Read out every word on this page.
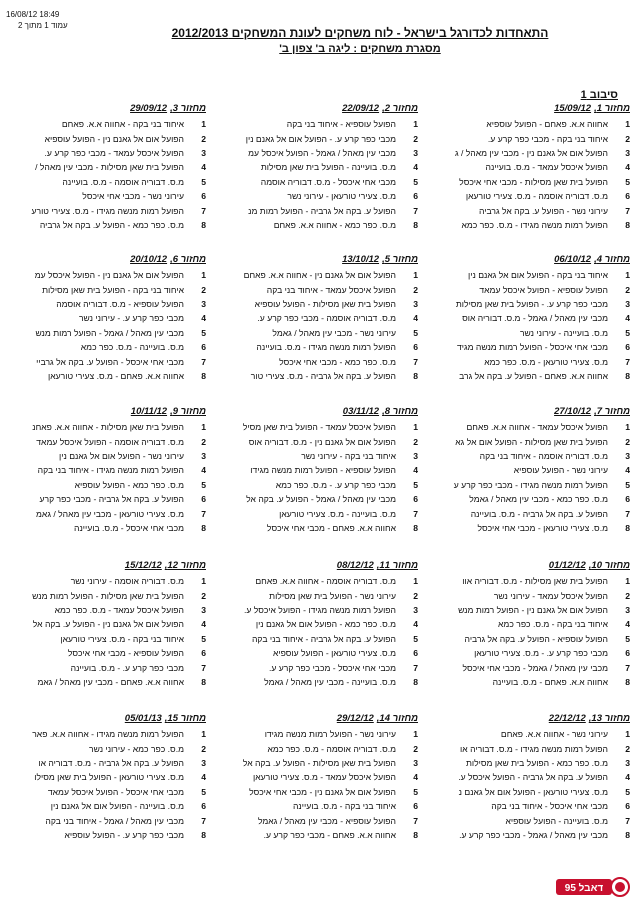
16/08/12 18:49
עמוד 1 מתוך 2
התאחדות לכדורגל בישראל - לוח משחקים לעונת המשחקים 2012/2013
מסגרת משחקים : ליגה ב' צפון ב'
סיבוב 1
מחזור 1,
15/09/12
1
אחווה א.א. פאחם - הפועל עוספיא
2
איחוד בני בקה - מכבי כפר קרע ע.
3
הפועל אום אל גאנם נין - מכבי עין מאהל / ג
4
הפועל איכסל עמאד - מ.ס. בועיינה
5
הפועל בית שאן מסילות - מכבי אחי איכסל
6
מ.ס. דבוריה אוסמה - מ.ס. צעירי טורעאן
7
עירוני נשר - הפועל ע. בקה אל גרביה
8
הפועל רמות מנשה מגידו - מ.ס. כפר כמא
מחזור 2,
22/09/12
1
הפועל עוספיא - איחוד בני בקה
2
מכבי כפר קרע ע. - הפועל אום אל גאנם נין
3
מכבי עין מאהל / גאמל - הפועל איכסל עמ
4
מ.ס. בועיינה - הפועל בית שאן מסילות
5
מכבי אחי איכסל - מ.ס. דבוריה אוסמה
6
מ.ס. צעירי טורעאן - עירוני נשר
7
הפועל ע. בקה אל גרביה - הפועל רמות מנ
8
מ.ס. כפר כמא - אחווה א.א. פאחם
מחזור 3,
29/09/12
1
איחוד בני בקה - אחווה א.א. פאחם
2
הפועל אום אל גאנם נין - הפועל עוספיא
3
הפועל איכסל עמאד - מכבי כפר קרע ע.
4
הפועל בית שאן מסילות - מכבי עין מאהל /
5
מ.ס. דבוריה אוסמה - מ.ס. בועיינה
6
עירוני נשר - מכבי אחי איכסל
7
הפועל רמות מנשה מגידו - מ.ס. צעירי טורע
8
מ.ס. כפר כמא - הפועל ע. בקה אל גרביה
מחזור 4,
06/10/12
1
איחוד בני בקה - הפועל אום אל גאנם נין
2
הפועל עוספיא - הפועל איכסל עמאד
3
מכבי כפר קרע ע. - הפועל בית שאן מסילות
4
מכבי עין מאהל / גאמל - מ.ס. דבוריה אוס
5
מ.ס. בועיינה - עירוני נשר
6
מכבי אחי איכסל - הפועל רמות מנשה מגיד
7
מ.ס. צעירי טורעאן - מ.ס. כפר כמא
8
אחווה א.א. פאחם - הפועל ע. בקה אל גרב
מחזור 5,
13/10/12
1
הפועל אום אל גאנם נין - אחווה א.א. פאחם
2
הפועל איכסל עמאד - איחוד בני בקה
3
הפועל בית שאן מסילות - הפועל עוספיא
4
מ.ס. דבוריה אוסמה - מכבי כפר קרע ע.
5
עירוני נשר - מכבי עין מאהל / גאמל
6
הפועל רמות מנשה מגידו - מ.ס. בועיינה
7
מ.ס. כפר כמא - מכבי אחי איכסל
8
הפועל ע. בקה אל גרביה - מ.ס. צעירי טור
מחזור 6,
20/10/12
1
הפועל אום אל גאנם נין - הפועל איכסל עמ
2
איחוד בני בקה - הפועל בית שאן מסילות
3
הפועל עוספיא - מ.ס. דבוריה אוסמה
4
מכבי כפר קרע ע. - עירוני נשר
5
מכבי עין מאהל / גאמל - הפועל רמות מנש
6
מ.ס. בועיינה - מ.ס. כפר כמא
7
מכבי אחי איכסל - הפועל ע. בקה אל גרביי
8
אחווה א.א. פאחם - מ.ס. צעירי טורעאן
מחזור 7,
27/10/12
1
הפועל איכסל עמאד - אחווה א.א. פאחם
2
הפועל בית שאן מסילות - הפועל אום אל גא
3
מ.ס. דבוריה אוסמה - איחוד בני בקה
4
עירוני נשר - הפועל עוספיא
5
הפועל רמות מנשה מגידו - מכבי כפר קרע ע
6
מ.ס. כפר כמא - מכבי עין מאהל / גאמל
7
הפועל ע. בקה אל גרביה - מ.ס. בועיינה
8
מ.ס. צעירי טורעאן - מכבי אחי איכסל
מחזור 8,
03/11/12
1
הפועל איכסל עמאד - הפועל בית שאן מסיל
2
הפועל אום אל גאנם נין - מ.ס. דבוריה אוס
3
איחוד בני בקה - עירוני נשר
4
הפועל עוספיא - הפועל רמות מנשה מגידו
5
מכבי כפר קרע ע. - מ.ס. כפר כמא
6
מכבי עין מאהל / גאמל - הפועל ע. בקה אל
7
מ.ס. בועיינה - מ.ס. צעירי טורעאן
8
אחווה א.א. פאחם - מכבי אחי איכסל
מחזור 9,
10/11/12
1
הפועל בית שאן מסילות - אחווה א.א. פאחנ
2
מ.ס. דבוריה אוסמה - הפועל איכסל עמאד
3
עירוני נשר - הפועל אום אל גאנם נין
4
הפועל רמות מנשה מגידו - איחוד בני בקה
5
מ.ס. כפר כמא - הפועל עוספיא
6
הפועל ע. בקה אל גרביה - מכבי כפר קרע
7
מ.ס. צעירי טורעאן - מכבי עין מאהל / גאמ
8
מכבי אחי איכסל - מ.ס. בועיינה
מחזור 10,
01/12/12
1
הפועל בית שאן מסילות - מ.ס. דבוריה אוו
2
הפועל איכסל עמאד - עירוני נשר
3
הפועל אום אל גאנם נין - הפועל רמות מנש
4
איחוד בני בקה - מ.ס. כפר כמא
5
הפועל עוספיא - הפועל ע. בקה אל גרביה
6
מכבי כפר קרע ע. - מ.ס. צעירי טורעאן
7
מכבי עין מאהל / גאמל - מכבי אחי איכסל
8
אחווה א.א. פאחם - מ.ס. בועיינה
מחזור 11,
08/12/12
1
מ.ס. דבוריה אוסמה - אחווה א.א. פאחם
2
עירוני נשר - הפועל בית שאן מסילות
3
הפועל רמות מנשה מגידו - הפועל איכסל ע.
4
מ.ס. כפר כמא - הפועל אום אל גאנם נין
5
הפועל ע. בקה אל גרביה - איחוד בני בקה
6
מ.ס. צעירי טורעאן - הפועל עוספיא
7
מכבי אחי איכסל - מכבי כפר קרע ע.
8
מ.ס. בועיינה - מכבי עין מאהל / גאמל
מחזור 12,
15/12/12
1
מ.ס. דבוריה אוסמה - עירוני נשר
2
הפועל בית שאן מסילות - הפועל רמות מנש
3
הפועל איכסל עמאד - מ.ס. כפר כמא
4
הפועל אום אל גאנם נין - הפועל ע. בקה אל
5
איחוד בני בקה - מ.ס. צעירי טורעאן
6
הפועל עוספיא - מכבי אחי איכסל
7
מכבי כפר קרע ע. - מ.ס. בועיינה
8
אחווה א.א. פאחם - מכבי עין מאהל / גאמ
מחזור 13,
22/12/12
1
עירוני נשר - אחווה א.א. פאחם
2
הפועל רמות מנשה מגידו - מ.ס. דבוריה או
3
מ.ס. כפר כמא - הפועל בית שאן מסילות
4
הפועל ע. בקה אל גרביה - הפועל איכסל ע.
5
מ.ס. צעירי טורעאן - הפועל אום אל גאנם נ
6
מכבי אחי איכסל - איחוד בני בקה
7
מ.ס. בועיינה - הפועל עוספיא
8
מכבי עין מאהל / גאמל - מכבי כפר קרע ע.
מחזור 14,
29/12/12
1
עירוני נשר - הפועל רמות מנשה מגידו
2
מ.ס. דבוריה אוסמה - מ.ס. כפר כמא
3
הפועל בית שאן מסילות - הפועל ע. בקה אל
4
הפועל איכסל עמאד - מ.ס. צעירי טורעאן
5
הפועל אום אל גאנם נין - מכבי אחי איכסל
6
איחוד בני בקה - מ.ס. בועיינה
7
הפועל עוספיא - מכבי עין מאהל / גאמל
8
אחווה א.א. פאחם - מכבי כפר קרע ע.
מחזור 15,
05/01/13
1
הפועל רמות מנשה מגידו - אחווה א.א. פאר
2
מ.ס. כפר כמא - עירוני נשר
3
הפועל ע. בקה אל גרביה - מ.ס. דבוריה או
4
מ.ס. צעירי טורעאן - הפועל בית שאן מסילו
5
מכבי אחי איכסל - הפועל איכסל עמאד
6
מ.ס. בועיינה - הפועל אום אל גאנם נין
7
מכבי עין מאהל / גאמל - איחוד בני בקה
8
מכבי כפר קרע ע. - הפועל עוספיא
דאבל 95
